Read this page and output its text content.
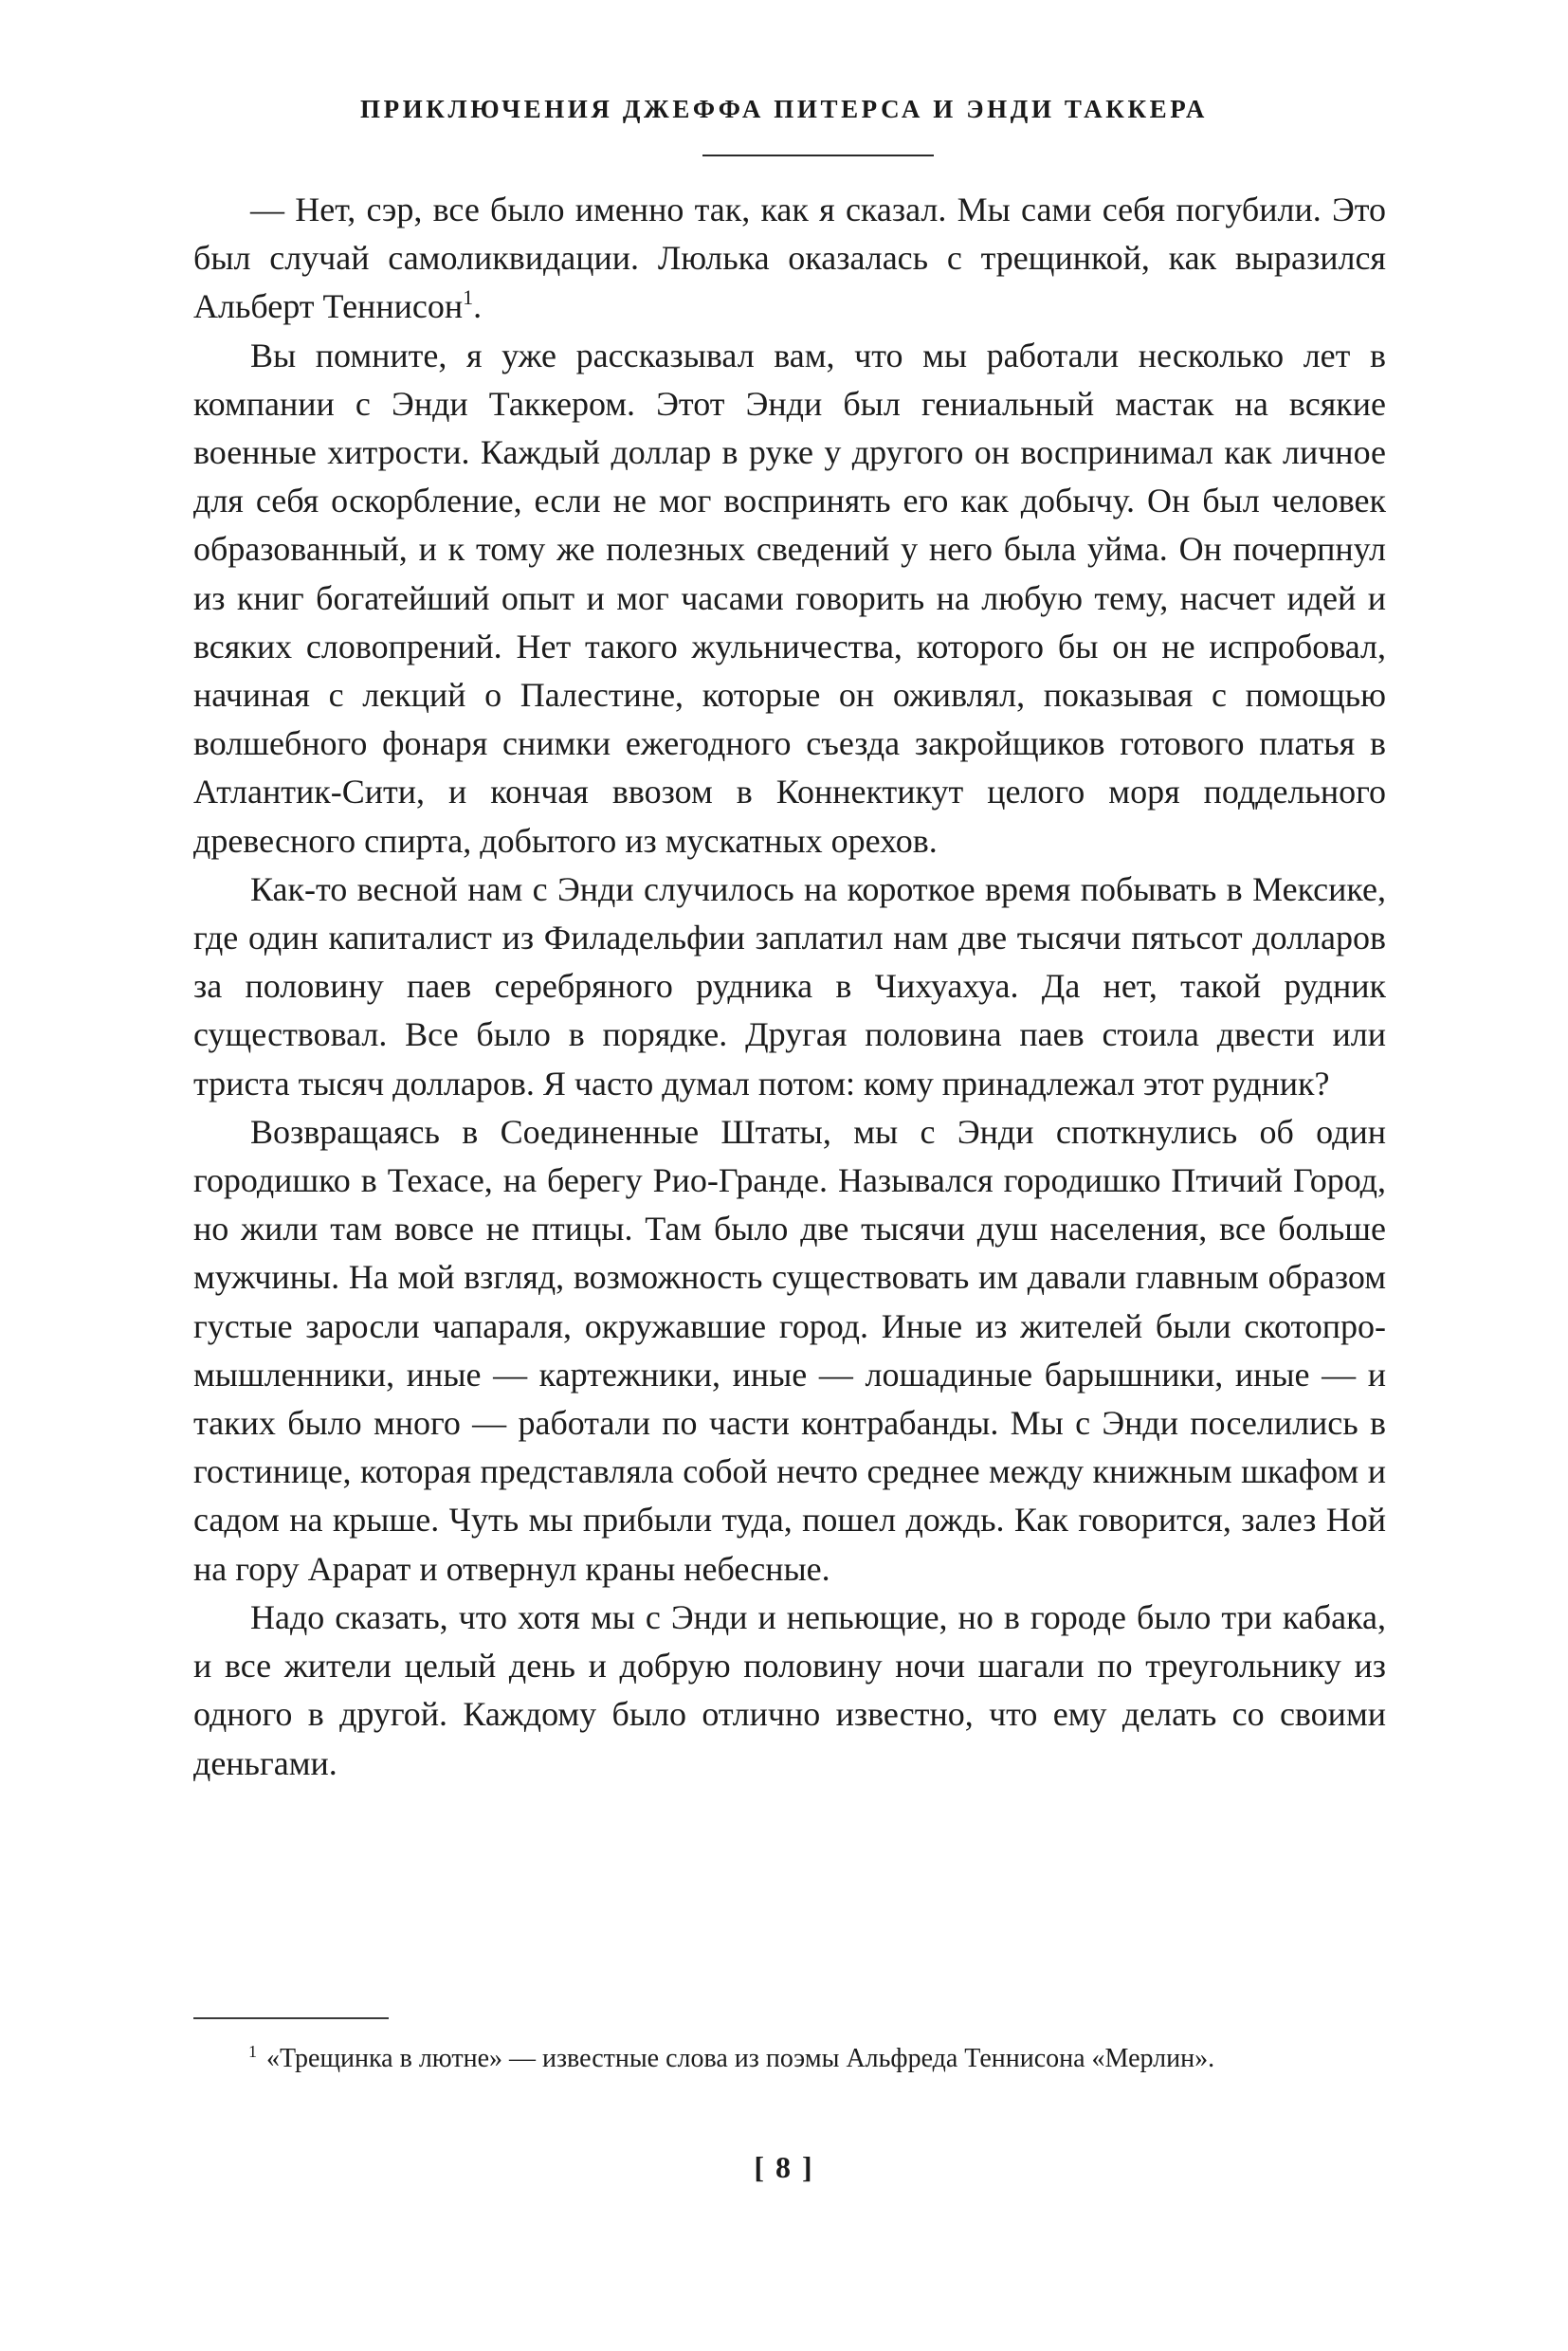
ПРИКЛЮЧЕНИЯ ДЖЕФФА ПИТЕРСА И ЭНДИ ТАККЕРА

— Нет, сэр, все было именно так, как я сказал. Мы сами себя погубили. Это был случай самоликвидации. Люлька оказалась с трещинкой, как выразился Альберт Теннисон$^1$.

Вы помните, я уже рассказывал вам, что мы работали несколько лет в компании с Энди Таккером. Этот Энди был гениальный мастак на всякие военные хитрости. Каждый доллар в руке у другого он воспринимал как личное для себя оскорбление, если не мог воспринять его как добычу. Он был человек образованный, и к тому же полезных сведений у него была уйма. Он почерпнул из книг богатейший опыт и мог часами говорить на любую тему, насчет идей и всяких словопрений. Нет такого жульничества, которого бы он не испробовал, начиная с лекций о Палестине, которые он оживлял, показывая с помощью волшебного фонаря снимки ежегодного съезда закройщиков готового платья в Атлантик-Сити, и кончая ввозом в Коннектикут целого моря поддельного древесного спирта, добытого из мускатных орехов.

Как-то весной нам с Энди случилось на короткое время побывать в Мексике, где один капиталист из Филадельфии заплатил нам две тысячи пятьсот долларов за половину паев серебряного рудника в Чихуахуа. Да нет, такой рудник существовал. Все было в порядке. Другая половина паев стоила двести или триста тысяч долларов. Я часто думал потом: кому принадлежал этот рудник?

Возвращаясь в Соединенные Штаты, мы с Энди споткнулись об один городишко в Техасе, на берегу Рио-Гранде. Назывался городишко Птичий Город, но жили там вовсе не птицы. Там было две тысячи душ населения, все больше мужчины. На мой взгляд, возможность существовать им давали главным образом густые заросли чапараля, окружавшие город. Иные из жителей были скотопромышленники, иные — картежники, иные — лошадиные барышники, иные — и таких было много — работали по части контрабанды. Мы с Энди поселились в гостинице, которая представляла собой нечто среднее между книжным шкафом и садом на крыше. Чуть мы прибыли туда, пошел дождь. Как говорится, залез Ной на гору Арарат и отвернул краны небесные.

Надо сказать, что хотя мы с Энди и непьющие, но в городе было три кабака, и все жители целый день и добрую половину ночи шагали по треугольнику из одного в другой. Каждому было отлично известно, что ему делать со своими деньгами.

$^1$ «Трещинка в лютне» — известные слова из поэмы Альфреда Теннисона «Мерлин».
[ 8 ]
